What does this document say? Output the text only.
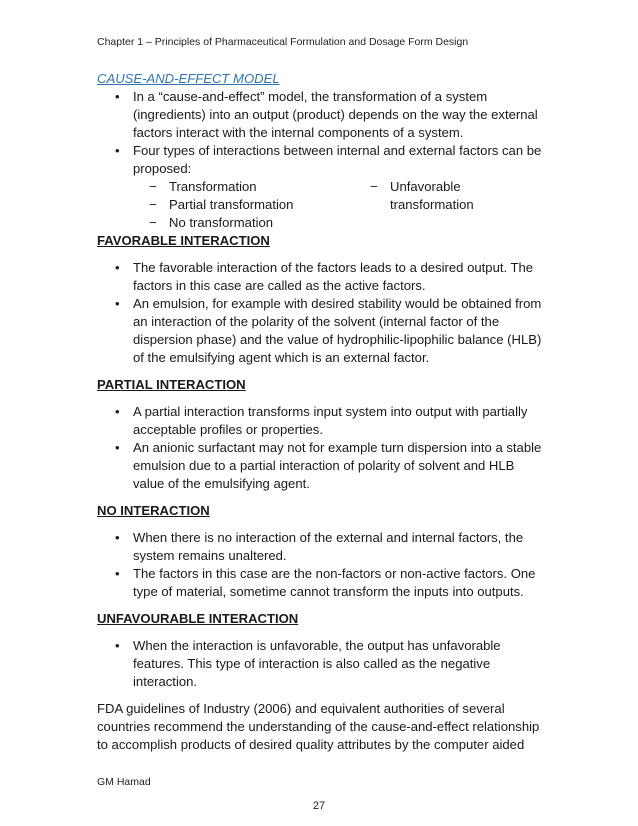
Chapter 1 – Principles of Pharmaceutical Formulation and Dosage Form Design

CAUSE-AND-EFFECT MODEL

• In a “cause-and-effect” model, the transformation of a system (ingredients) into an output (product) depends on the way the external factors interact with the internal components of a system.
• Four types of interactions between internal and external factors can be proposed:
− Transformation
− Partial transformation
− No transformation
− Unfavorable transformation

FAVORABLE INTERACTION

• The favorable interaction of the factors leads to a desired output. The factors in this case are called as the active factors.
• An emulsion, for example with desired stability would be obtained from an interaction of the polarity of the solvent (internal factor of the dispersion phase) and the value of hydrophilic-lipophilic balance (HLB) of the emulsifying agent which is an external factor.

PARTIAL INTERACTION

• A partial interaction transforms input system into output with partially acceptable profiles or properties.
• An anionic surfactant may not for example turn dispersion into a stable emulsion due to a partial interaction of polarity of solvent and HLB value of the emulsifying agent.

NO INTERACTION

• When there is no interaction of the external and internal factors, the system remains unaltered.
• The factors in this case are the non-factors or non-active factors. One type of material, sometime cannot transform the inputs into outputs.

UNFAVOURABLE INTERACTION

• When the interaction is unfavorable, the output has unfavorable features. This type of interaction is also called as the negative interaction.

FDA guidelines of Industry (2006) and equivalent authorities of several countries recommend the understanding of the cause-and-effect relationship to accomplish products of desired quality attributes by the computer aided

GM Hamad
27
